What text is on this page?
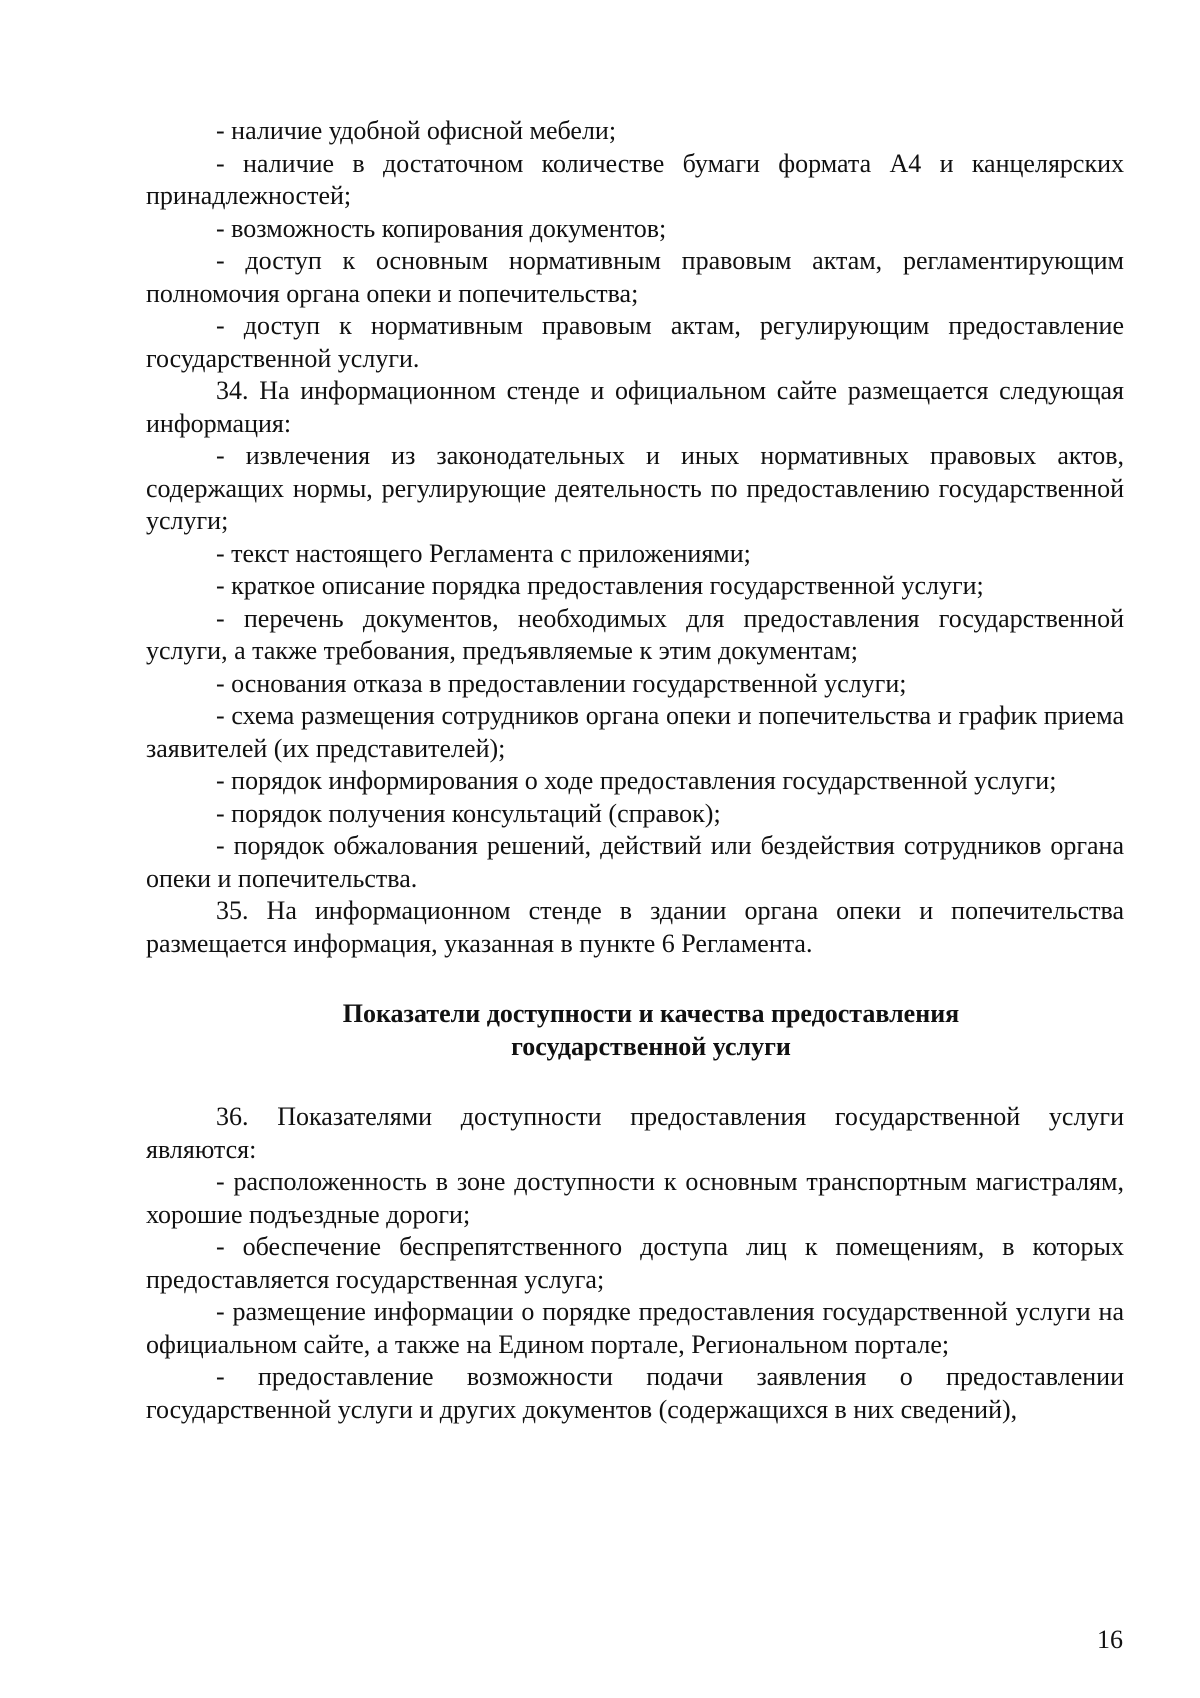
- наличие удобной офисной мебели;

- наличие в достаточном количестве бумаги формата А4 и канцелярских принадлежностей;

- возможность копирования документов;

- доступ к основным нормативным правовым актам, регламентирующим полномочия органа опеки и попечительства;

- доступ к нормативным правовым актам, регулирующим предоставление государственной услуги.

34. На информационном стенде и официальном сайте размещается следующая информация:

- извлечения из законодательных и иных нормативных правовых актов, содержащих нормы, регулирующие деятельность по предоставлению государственной услуги;

- текст настоящего Регламента с приложениями;

- краткое описание порядка предоставления государственной услуги;

- перечень документов, необходимых для предоставления государственной услуги, а также требования, предъявляемые к этим документам;

- основания отказа в предоставлении государственной услуги;

- схема размещения сотрудников органа опеки и попечительства и график приема заявителей (их представителей);

- порядок информирования о ходе предоставления государственной услуги;

- порядок получения консультаций (справок);

- порядок обжалования решений, действий или бездействия сотрудников органа опеки и попечительства.

35. На информационном стенде в здании органа опеки и попечительства размещается информация, указанная в пункте 6 Регламента.

Показатели доступности и качества предоставления

государственной услуги

36. Показателями доступности предоставления государственной услуги являются:

- расположенность в зоне доступности к основным транспортным магистралям, хорошие подъездные дороги;

- обеспечение беспрепятственного доступа лиц к помещениям, в которых предоставляется государственная услуга;

- размещение информации о порядке предоставления государственной услуги на официальном сайте, а также на Едином портале, Региональном портале;

- предоставление возможности подачи заявления о предоставлении государственной услуги и других документов (содержащихся в них сведений),

16
